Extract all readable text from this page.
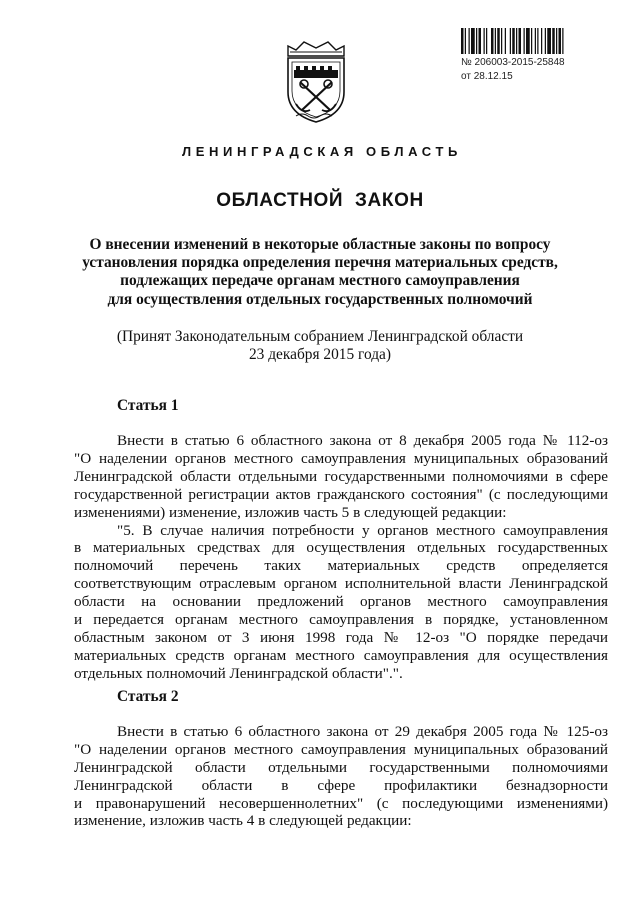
№ 206003-2015-25848
от 28.12.15
ЛЕНИНГРАДСКАЯ ОБЛАСТЬ
ОБЛАСТНОЙ ЗАКОН
О внесении изменений в некоторые областные законы по вопросу
установления порядка определения перечня материальных средств,
подлежащих передаче органам местного самоуправления
для осуществления отдельных государственных полномочий
(Принят Законодательным собранием Ленинградской области
23 декабря 2015 года)
Статья 1
Внести в статью 6 областного закона от 8 декабря 2005 года № 112-оз
"О наделении органов местного самоуправления муниципальных образований
Ленинградской области отдельными государственными полномочиями в сфере
государственной регистрации актов гражданского состояния" (с последующими
изменениями) изменение, изложив часть 5 в следующей редакции:
"5. В случае наличия потребности у органов местного самоуправления
в материальных средствах для осуществления отдельных государственных
полномочий перечень таких материальных средств определяется
соответствующим отраслевым органом исполнительной власти Ленинградской
области на основании предложений органов местного самоуправления
и передается органам местного самоуправления в порядке, установленном
областным законом от 3 июня 1998 года № 12-оз "О порядке передачи
материальных средств органам местного самоуправления для осуществления
отдельных полномочий Ленинградской области".".
Статья 2
Внести в статью 6 областного закона от 29 декабря 2005 года № 125-оз
"О наделении органов местного самоуправления муниципальных образований
Ленинградской области отдельными государственными полномочиями
Ленинградской области в сфере профилактики безнадзорности
и правонарушений несовершеннолетних" (с последующими изменениями)
изменение, изложив часть 4 в следующей редакции:
